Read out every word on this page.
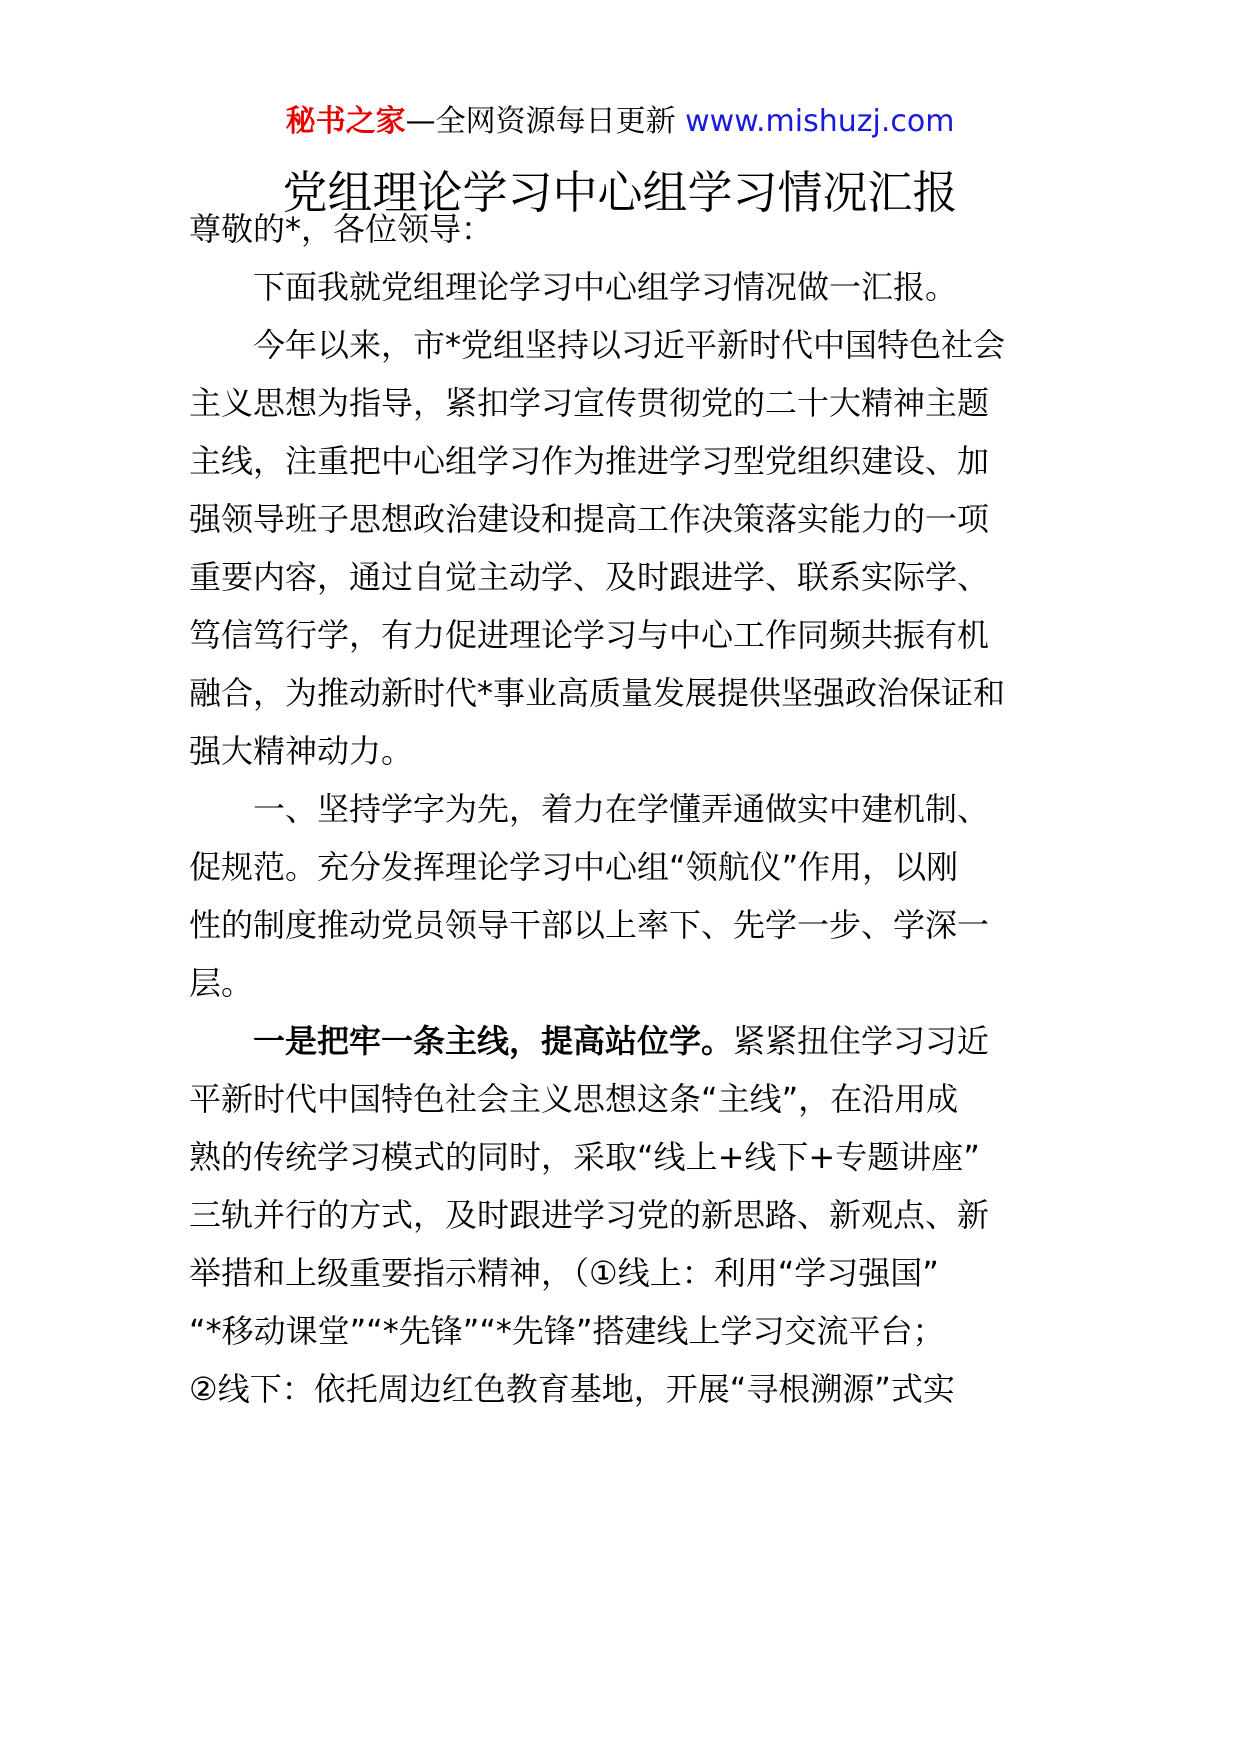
秘书之家—全网资源每日更新 www.mishuzj.com
党组理论学习中心组学习情况汇报
尊敬的*，各位领导：
　　下面我就党组理论学习中心组学习情况做一汇报。
　　今年以来，市*党组坚持以习近平新时代中国特色社会
主义思想为指导，紧扣学习宣传贯彻党的二十大精神主题
主线，注重把中心组学习作为推进学习型党组织建设、加
强领导班子思想政治建设和提高工作决策落实能力的一项
重要内容，通过自觉主动学、及时跟进学、联系实际学、
笃信笃行学，有力促进理论学习与中心工作同频共振有机
融合，为推动新时代*事业高质量发展提供坚强政治保证和
强大精神动力。
　　一、坚持学字为先，着力在学懂弄通做实中建机制、
促规范。充分发挥理论学习中心组“领航仪”作用，以刚
性的制度推动党员领导干部以上率下、先学一步、学深一
层。
　　一是把牢一条主线，提高站位学。紧紧扭住学习习近
平新时代中国特色社会主义思想这条“主线”，在沿用成
熟的传统学习模式的同时，采取“线上+线下+专题讲座”
三轨并行的方式，及时跟进学习党的新思路、新观点、新
举措和上级重要指示精神，（①线上：利用“学习强国”
“*移动课堂”“*先锋”“*先锋”搭建线上学习交流平台；
②线下：依托周边红色教育基地，开展“寻根溯源”式实
